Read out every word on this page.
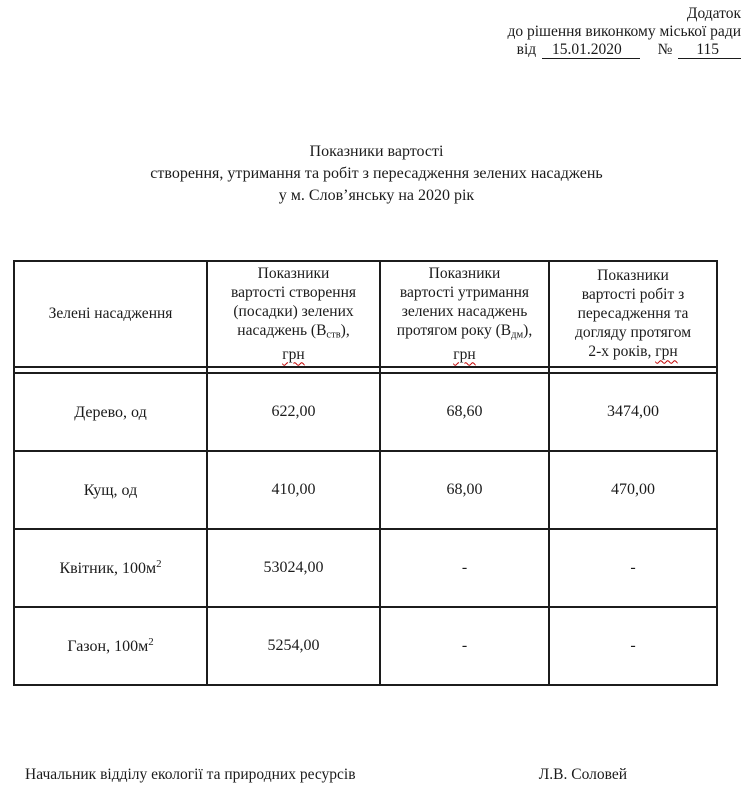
Додаток
до рішення виконкому міської ради
від 15.01.2020 № 115
Показники вартості
створення, утримання та робіт з пересадження зелених насаджень
у м. Слов’янську на 2020 рік
Зелені насадження	Показники
вартості створення
(посадки) зелених
насаджень $(В_{ств})$,
грн	Показники
вартості утримання
зелених насаджень
протягом року $(В_{дм})$,
грн	Показники
вартості робіт з
пересадження та
догляду протягом
2-х років, грн

Дерево, од	622,00	68,60	3474,00
Кущ, од	410,00	68,00	470,00
Квітник, $100м^2$	53024,00	-	-
Газон, $100м^2$	5254,00	-	-
Начальник відділу екології та природних ресурсів	Л.В. Соловей
